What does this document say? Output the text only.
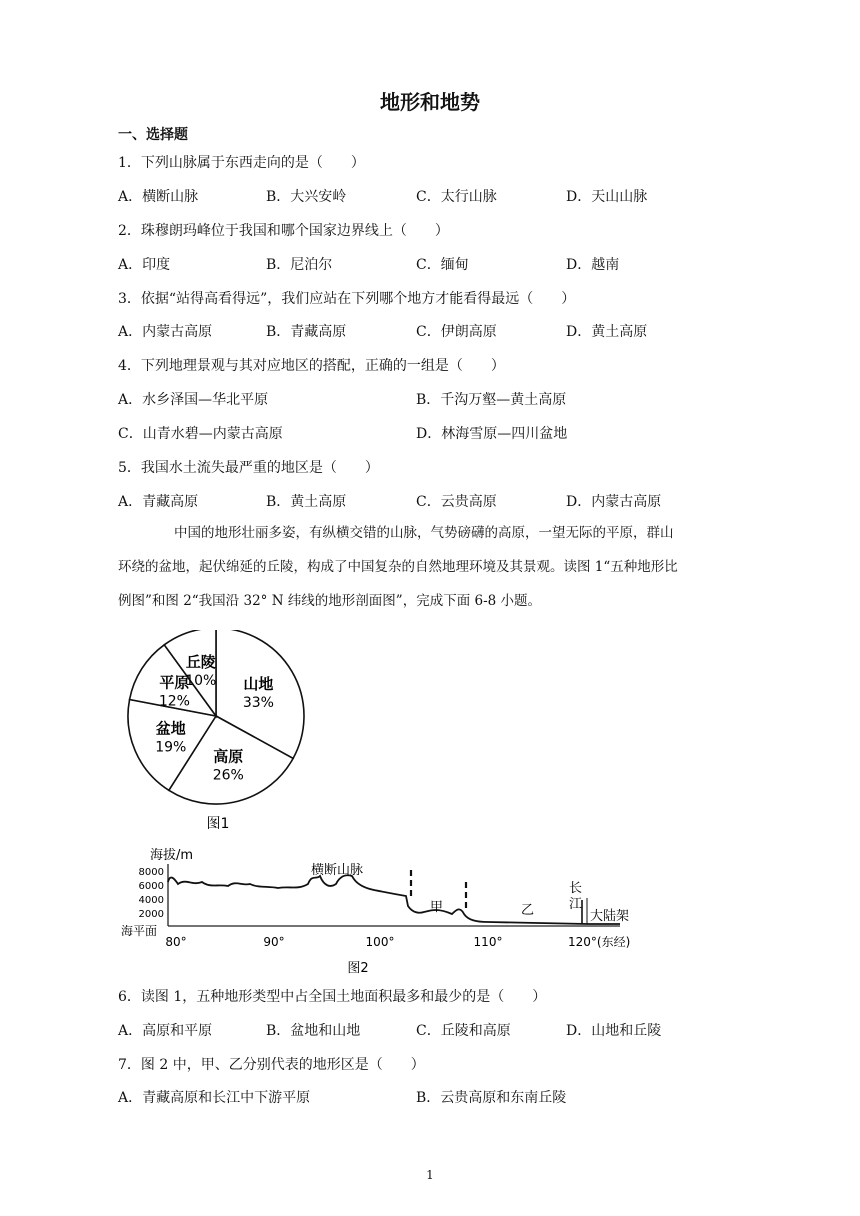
地形和地势
一、选择题
1．下列山脉属于东西走向的是（　　）
A．横断山脉	B．大兴安岭	C．太行山脉	D．天山山脉
2．珠穆朗玛峰位于我国和哪个国家边界线上（　　）
A．印度	B．尼泊尔	C．缅甸	D．越南
3．依据“站得高看得远”，我们应站在下列哪个地方才能看得最远（　　）
A．内蒙古高原	B．青藏高原	C．伊朗高原	D．黄土高原
4．下列地理景观与其对应地区的搭配，正确的一组是（　　）
A．水乡泽国—华北平原	B．千沟万壑—黄土高原
C．山青水碧—内蒙古高原	D．林海雪原—四川盆地
5．我国水土流失最严重的地区是（　　）
A．青藏高原	B．黄土高原	C．云贵高原	D．内蒙古高原

中国的地形壮丽多姿，有纵横交错的山脉，气势磅礴的高原，一望无际的平原，群山

环绕的盆地，起伏绵延的丘陵，构成了中国复杂的自然地理环境及其景观。读图 1“五种地形比

例图”和图 2“我国沿 32° N 纬线的地形剖面图”，完成下面 6-8 小题。

山地
33%
高原
26%
盆地
19%
平原
12%
丘陵
10%
图1
海拔/m
8000
6000
4000
2000
海平面
横断山脉
甲	乙
长
江
大陆架
80°	90°	100°	110°	120°(东经)
图2
6．读图 1，五种地形类型中占全国土地面积最多和最少的是（　　）
A．高原和平原	B．盆地和山地	C．丘陵和高原	D．山地和丘陵
7．图 2 中，甲、乙分别代表的地形区是（　　）
A．青藏高原和长江中下游平原	B．云贵高原和东南丘陵
1
